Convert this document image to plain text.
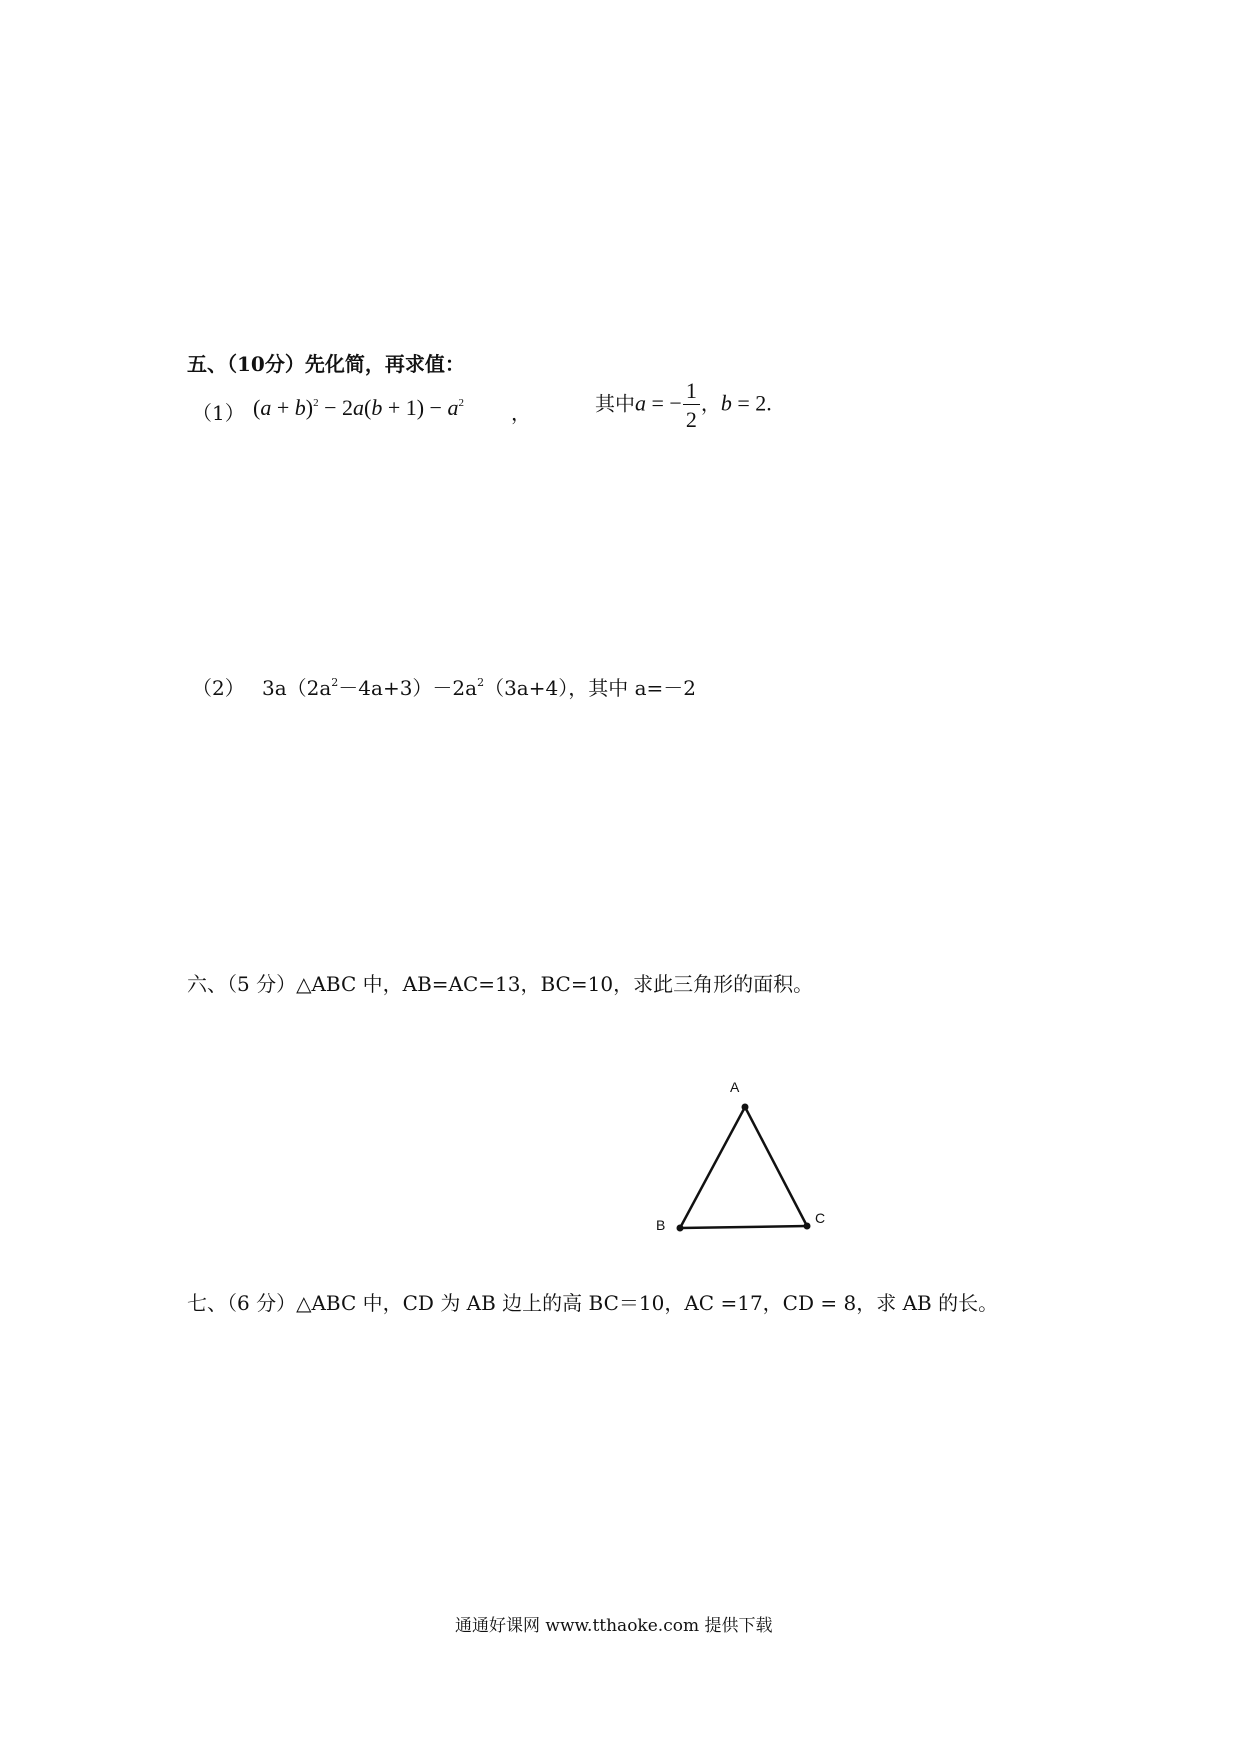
五、（10分）先化简，再求值：
（1） $(a + b)^2 - 2a(b + 1) - a^2$ ，	其中a = − $\frac{1}{2}$ ，b = 2.
（2） $3a(2a^2-4a+3)-2a^2(3a+4)$，其中 a=－2
六、（5 分）△ABC 中，AB=AC=13，BC=10，求此三角形的面积。
A
B	C
七、（6 分）△ABC 中，CD 为 AB 边上的高 BC＝10，AC =17，CD = 8，求 AB 的长。
通通好课网 www.tthaoke.com 提供下载
